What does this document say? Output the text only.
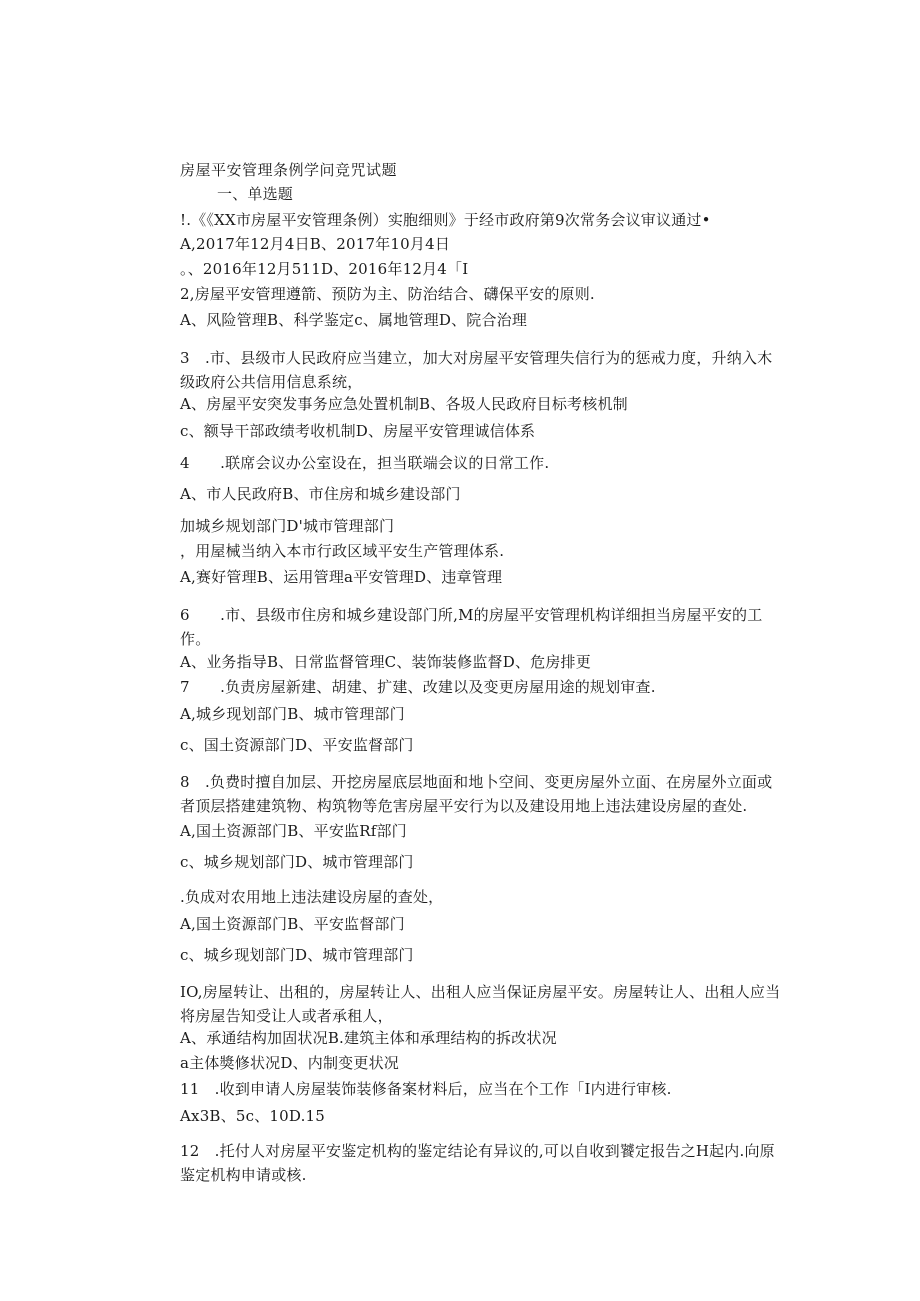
房屋平安管理条例学问竞咒试题
一、单选题
!.《《XX市房屋平安管理条例）实胞细则》于经市政府第9次常务会议审议通过•
A,2017年12月4日B、2017年10月4日
。、2016年12月511D、2016年12月4「I
2,房屋平安管理遵箭、预防为主、防治结合、礴保平安的原则.
A、风险管理B、科学鉴定c、属地管理D、院合治理
3　.市、县级市人民政府应当建立，加大对房屋平安管理失信行为的惩戒力度，升纳入木级政府公共信用信息系统，
A、房屋平安突发事务应急处置机制B、各圾人民政府目标考核机制
c、额导干部政绩考收机制D、房屋平安管理诚信体系
4　　.联席会议办公室设在，担当联端会议的日常工作.
A、市人民政府B、市住房和城乡建设部门
加城乡规划部门D'城市管理部门
，用屋械当纳入本市行政区域平安生产管理体系.
A,赛好管理B、运用管理a平安管理D、违章管理
6　　.市、县级市住房和城乡建设部门所,M的房屋平安管理机构详细担当房屋平安的工作。
A、业务指导B、日常监督管理C、装饰装修监督D、危房排更
7　　.负责房屋新建、胡建、扩建、改建以及变更房屋用途的规划审查.
A,城乡现划部门B、城市管理部门
c、国土资源部门D、平安监督部门
8　.负费时擅自加层、开挖房屋底层地面和地卜空间、变更房屋外立面、在房屋外立面或者顶层搭建建筑物、构筑物等危害房屋平安行为以及建设用地上违法建设房屋的查处.
A,国土资源部门B、平安监Rf部门
c、城乡规划部门D、城市管理部门
.负成对农用地上违法建设房屋的查处，
A,国土资源部门B、平安监督部门
c、城乡现划部门D、城市管理部门
IO,房屋转让、出租的，房屋转让人、出租人应当保证房屋平安。房屋转让人、出租人应当将房屋告知受让人或者承租人，
A、承通结构加固状况B.建筑主体和承理结构的拆改状况
a主体獎修状况D、内制变更状况
11　.收到申请人房屋装饰装修备案材料后，应当在个工作「I内进行审核.
Ax3B、5c、10D.15
12　.托付人对房屋平安鉴定机构的鉴定结论有异议的,可以自收到饕定报告之H起内.向原鉴定机构申请或核.
